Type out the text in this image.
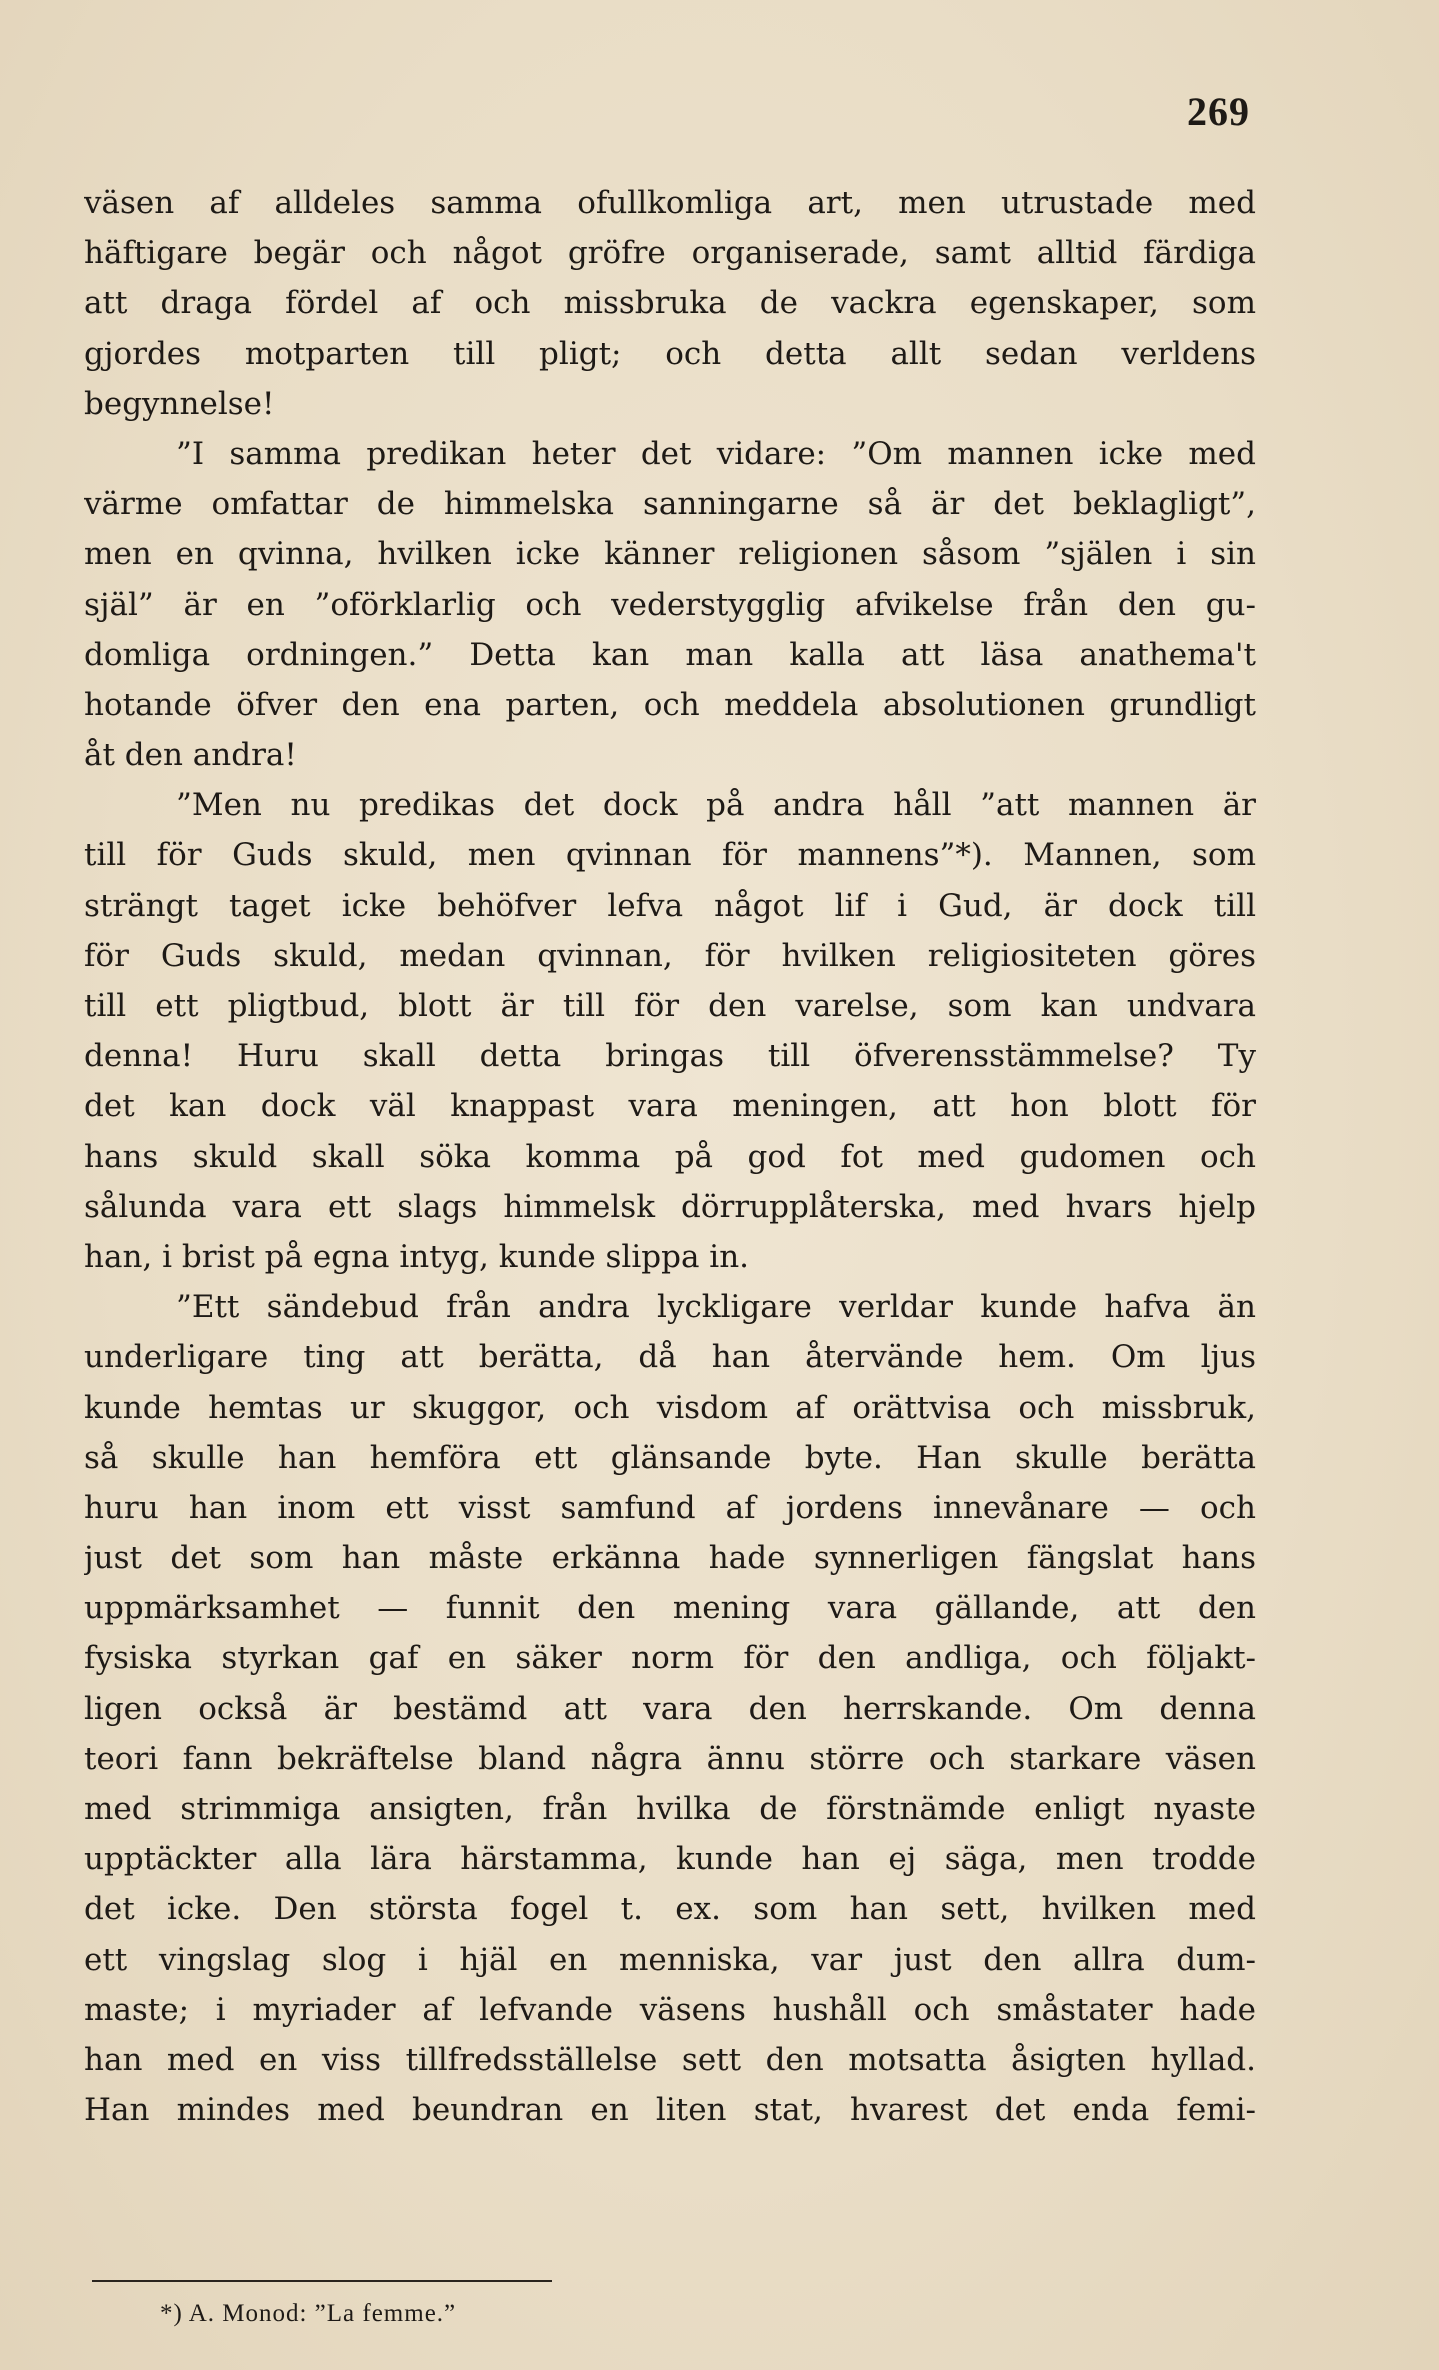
269
väsen af alldeles samma ofullkomliga art, men utrustade med
häftigare begär och något gröfre organiserade, samt alltid färdiga
att draga fördel af och missbruka de vackra egenskaper, som
gjordes motparten till pligt; och detta allt sedan verldens
begynnelse!
”I samma predikan heter det vidare: ”Om mannen icke med
värme omfattar de himmelska sanningarne så är det beklagligt”,
men en qvinna, hvilken icke känner religionen såsom ”själen i sin
själ” är en ”oförklarlig och vederstygglig afvikelse från den gu-
domliga ordningen.” Detta kan man kalla att läsa anathema't
hotande öfver den ena parten, och meddela absolutionen grundligt
åt den andra!
”Men nu predikas det dock på andra håll ”att mannen är
till för Guds skuld, men qvinnan för mannens”*). Mannen, som
strängt taget icke behöfver lefva något lif i Gud, är dock till
för Guds skuld, medan qvinnan, för hvilken religiositeten göres
till ett pligtbud, blott är till för den varelse, som kan undvara
denna! Huru skall detta bringas till öfverensstämmelse? Ty
det kan dock väl knappast vara meningen, att hon blott för
hans skuld skall söka komma på god fot med gudomen och
sålunda vara ett slags himmelsk dörrupplåterska, med hvars hjelp
han, i brist på egna intyg, kunde slippa in.
”Ett sändebud från andra lyckligare verldar kunde hafva än
underligare ting att berätta, då han återvände hem. Om ljus
kunde hemtas ur skuggor, och visdom af orättvisa och missbruk,
så skulle han hemföra ett glänsande byte. Han skulle berätta
huru han inom ett visst samfund af jordens innevånare — och
just det som han måste erkänna hade synnerligen fängslat hans
uppmärksamhet — funnit den mening vara gällande, att den
fysiska styrkan gaf en säker norm för den andliga, och följakt-
ligen också är bestämd att vara den herrskande. Om denna
teori fann bekräftelse bland några ännu större och starkare väsen
med strimmiga ansigten, från hvilka de förstnämde enligt nyaste
upptäckter alla lära härstamma, kunde han ej säga, men trodde
det icke. Den största fogel t. ex. som han sett, hvilken med
ett vingslag slog i hjäl en menniska, var just den allra dum-
maste; i myriader af lefvande väsens hushåll och småstater hade
han med en viss tillfredsställelse sett den motsatta åsigten hyllad.
Han mindes med beundran en liten stat, hvarest det enda femi-
*) A. Monod: ”La femme.”
